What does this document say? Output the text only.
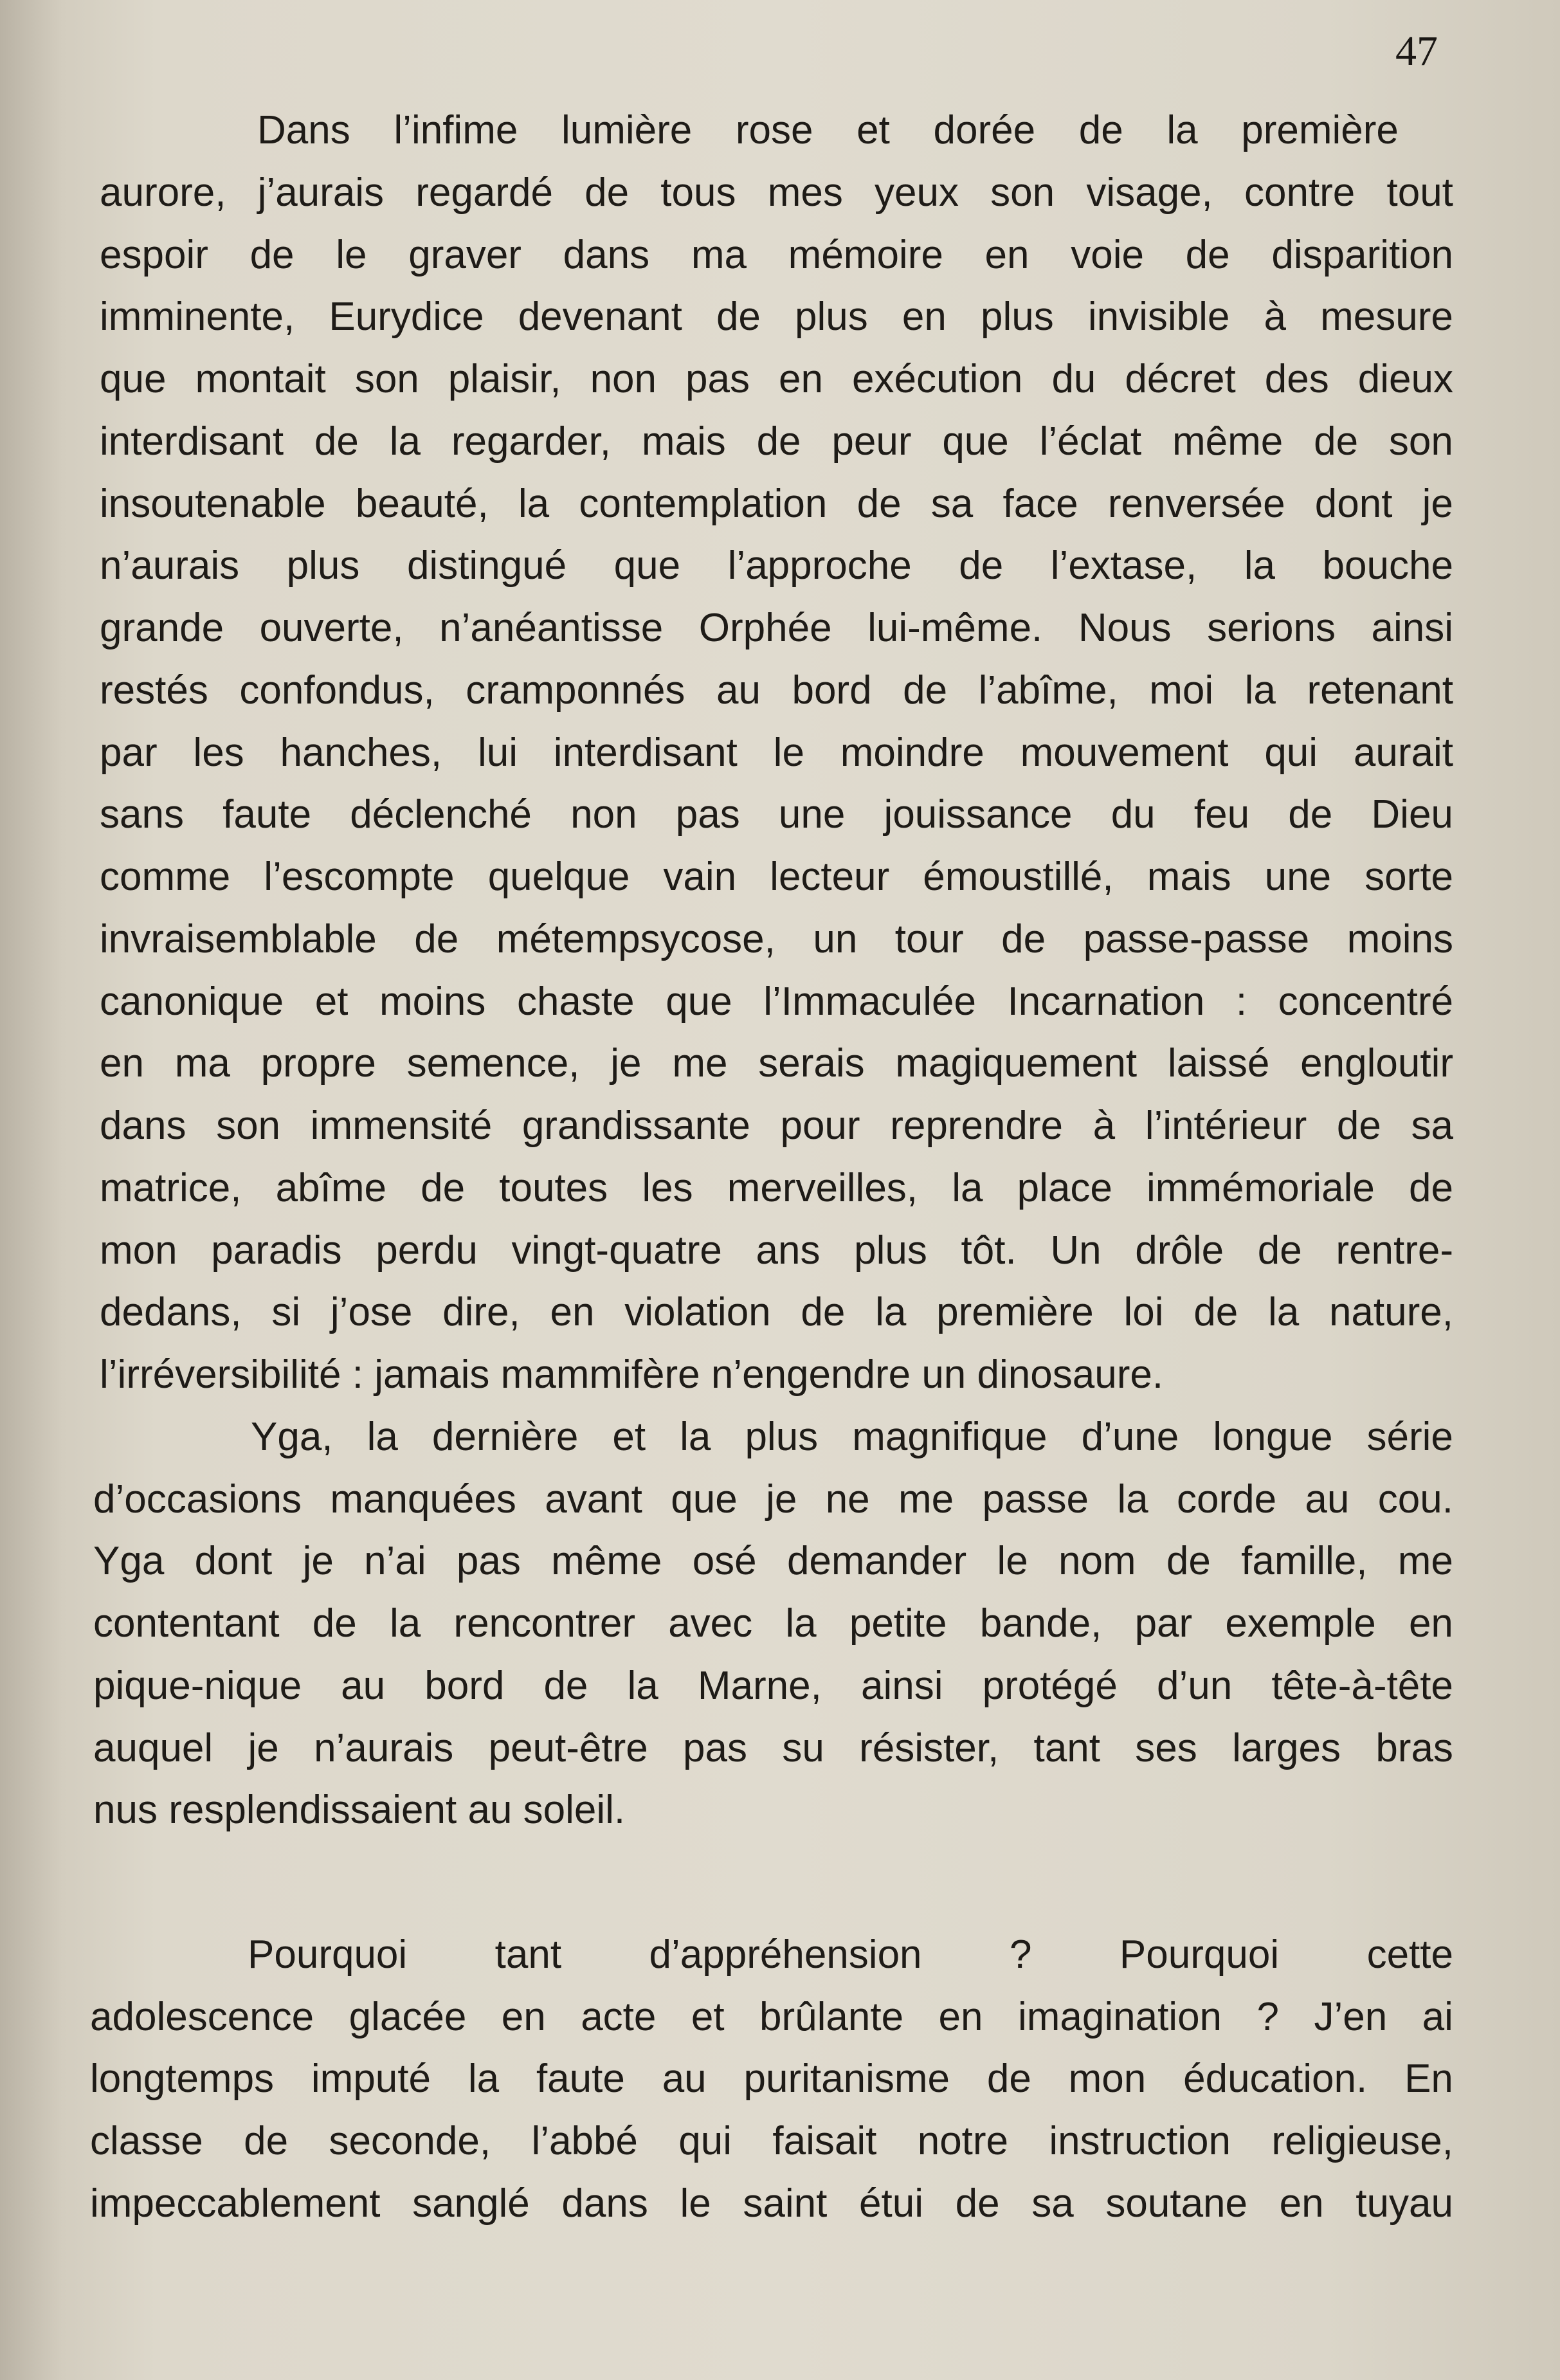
47
Dans l’infime lumière rose et dorée de la première
aurore, j’aurais regardé de tous mes yeux son visage, contre tout
espoir de le graver dans ma mémoire en voie de disparition
imminente, Eurydice devenant de plus en plus invisible à mesure
que montait son plaisir, non pas en exécution du décret des dieux
interdisant de la regarder, mais de peur que l’éclat même de son
insoutenable beauté, la contemplation de sa face renversée dont je
n’aurais plus distingué que l’approche de l’extase, la bouche
grande ouverte, n’anéantisse Orphée lui-même. Nous serions ainsi
restés confondus, cramponnés au bord de l’abîme, moi la retenant
par les hanches, lui interdisant le moindre mouvement qui aurait
sans faute déclenché non pas une jouissance du feu de Dieu
comme l’escompte quelque vain lecteur émoustillé, mais une sorte
invraisemblable de métempsycose, un tour de passe-passe moins
canonique et moins chaste que l’Immaculée Incarnation : concentré
en ma propre semence, je me serais magiquement laissé engloutir
dans son immensité grandissante pour reprendre à l’intérieur de sa
matrice, abîme de toutes les merveilles, la place immémoriale de
mon paradis perdu vingt-quatre ans plus tôt. Un drôle de rentre-
dedans, si j’ose dire, en violation de la première loi de la nature,
l’irréversibilité : jamais mammifère n’engendre un dinosaure.
Yga, la dernière et la plus magnifique d’une longue série
d’occasions manquées avant que je ne me passe la corde au cou.
Yga dont je n’ai pas même osé demander le nom de famille, me
contentant de la rencontrer avec la petite bande, par exemple en
pique-nique au bord de la Marne, ainsi protégé d’un tête-à-tête
auquel je n’aurais peut-être pas su résister, tant ses larges bras
nus resplendissaient au soleil.
Pourquoi tant d’appréhension ? Pourquoi cette
adolescence glacée en acte et brûlante en imagination ? J’en ai
longtemps imputé la faute au puritanisme de mon éducation. En
classe de seconde, l’abbé qui faisait notre instruction religieuse,
impeccablement sanglé dans le saint étui de sa soutane en tuyau
